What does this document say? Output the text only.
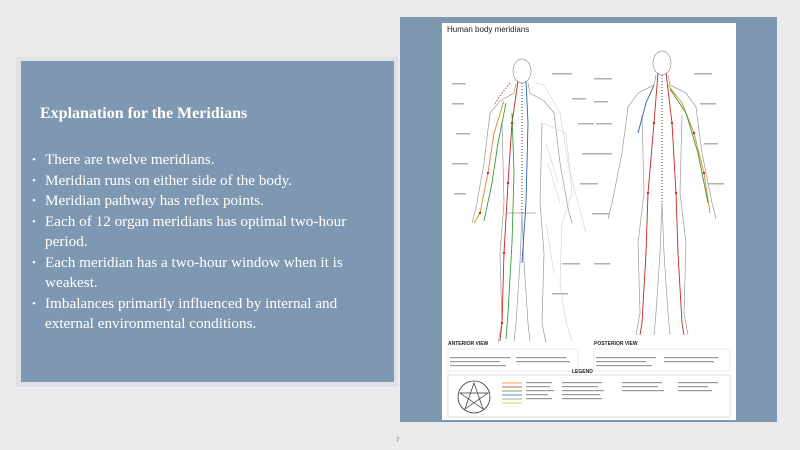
Explanation for the Meridians
• There are twelve meridians.
• Meridian runs on either side of the body.
• Meridian pathway has reflex points.
• Each of 12 organ meridians has optimal two-hour period.
• Each meridian has a two-hour window when it is weakest.
• Imbalances primarily influenced by internal and external environmental conditions.
Human body meridians
ANTERIOR VIEW	POSTERIOR VIEW
LEGEND
7
